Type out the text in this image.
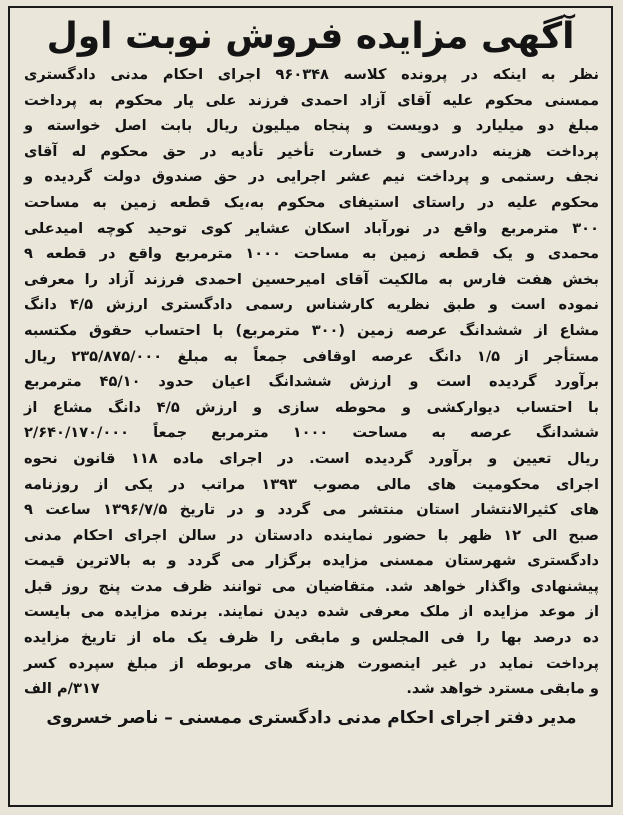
آگهی مزایده فروش نوبت اول
نظر به اینکه در پرونده کلاسه ۹۶۰۳۴۸ اجرای احکام مدنی دادگستری
ممسنی محکوم علیه آقای آزاد احمدی فرزند علی یار محکوم به پرداخت
مبلغ دو میلیارد و دویست و پنجاه میلیون ریال بابت اصل خواسته و
پرداخت هزینه دادرسی و خسارت تأخیر تأدیه در حق محکوم له آقای
نجف رستمی و پرداخت نیم عشر اجرایی در حق صندوق دولت گردیده و
محکوم علیه در راستای استیفای محکوم به،یک قطعه زمین به مساحت
۳۰۰ مترمربع واقع در نورآباد اسکان عشایر کوی توحید کوچه امیدعلی
محمدی و یک قطعه زمین به مساحت ۱۰۰۰ مترمربع واقع در قطعه ۹
بخش هفت فارس به مالکیت آقای امیرحسین احمدی فرزند آزاد را معرفی
نموده است و طبق نظریه کارشناس رسمی دادگستری ارزش ۴/۵ دانگ
مشاع از ششدانگ عرصه زمین (۳۰۰ مترمربع) با احتساب حقوق مکتسبه
مستأجر از ۱/۵ دانگ عرصه اوقافی جمعاً به مبلغ ۲۳۵/۸۷۵/۰۰۰ ریال
برآورد گردیده است و ارزش ششدانگ اعیان حدود ۴۵/۱۰ مترمربع
با احتساب دیوارکشی و محوطه سازی و ارزش ۴/۵ دانگ مشاع از
ششدانگ عرصه به مساحت ۱۰۰۰ مترمربع جمعاً ۲/۶۴۰/۱۷۰/۰۰۰
ریال تعیین و برآورد گردیده است. در اجرای ماده ۱۱۸ قانون نحوه
اجرای محکومیت های مالی مصوب ۱۳۹۳ مراتب در یکی از روزنامه
های کثیرالانتشار استان منتشر می گردد و در تاریخ ۱۳۹۶/۷/۵ ساعت ۹
صبح الی ۱۲ ظهر با حضور نماینده دادستان در سالن اجرای احکام مدنی
دادگستری شهرستان ممسنی مزایده برگزار می گردد و به بالاترین قیمت
پیشنهادی واگذار خواهد شد. متقاضیان می توانند ظرف مدت پنج روز قبل
از موعد مزایده از ملک معرفی شده دیدن نمایند. برنده مزایده می بایست
ده درصد بها را فی المجلس و مابقی را ظرف یک ماه از تاریخ مزایده
پرداخت نماید در غیر اینصورت هزینه های مربوطه از مبلغ سپرده کسر
و مابقی مسترد خواهد شد.
۳۱۷/م الف
مدیر دفتر اجرای احکام مدنی دادگستری ممسنی – ناصر خسروی
